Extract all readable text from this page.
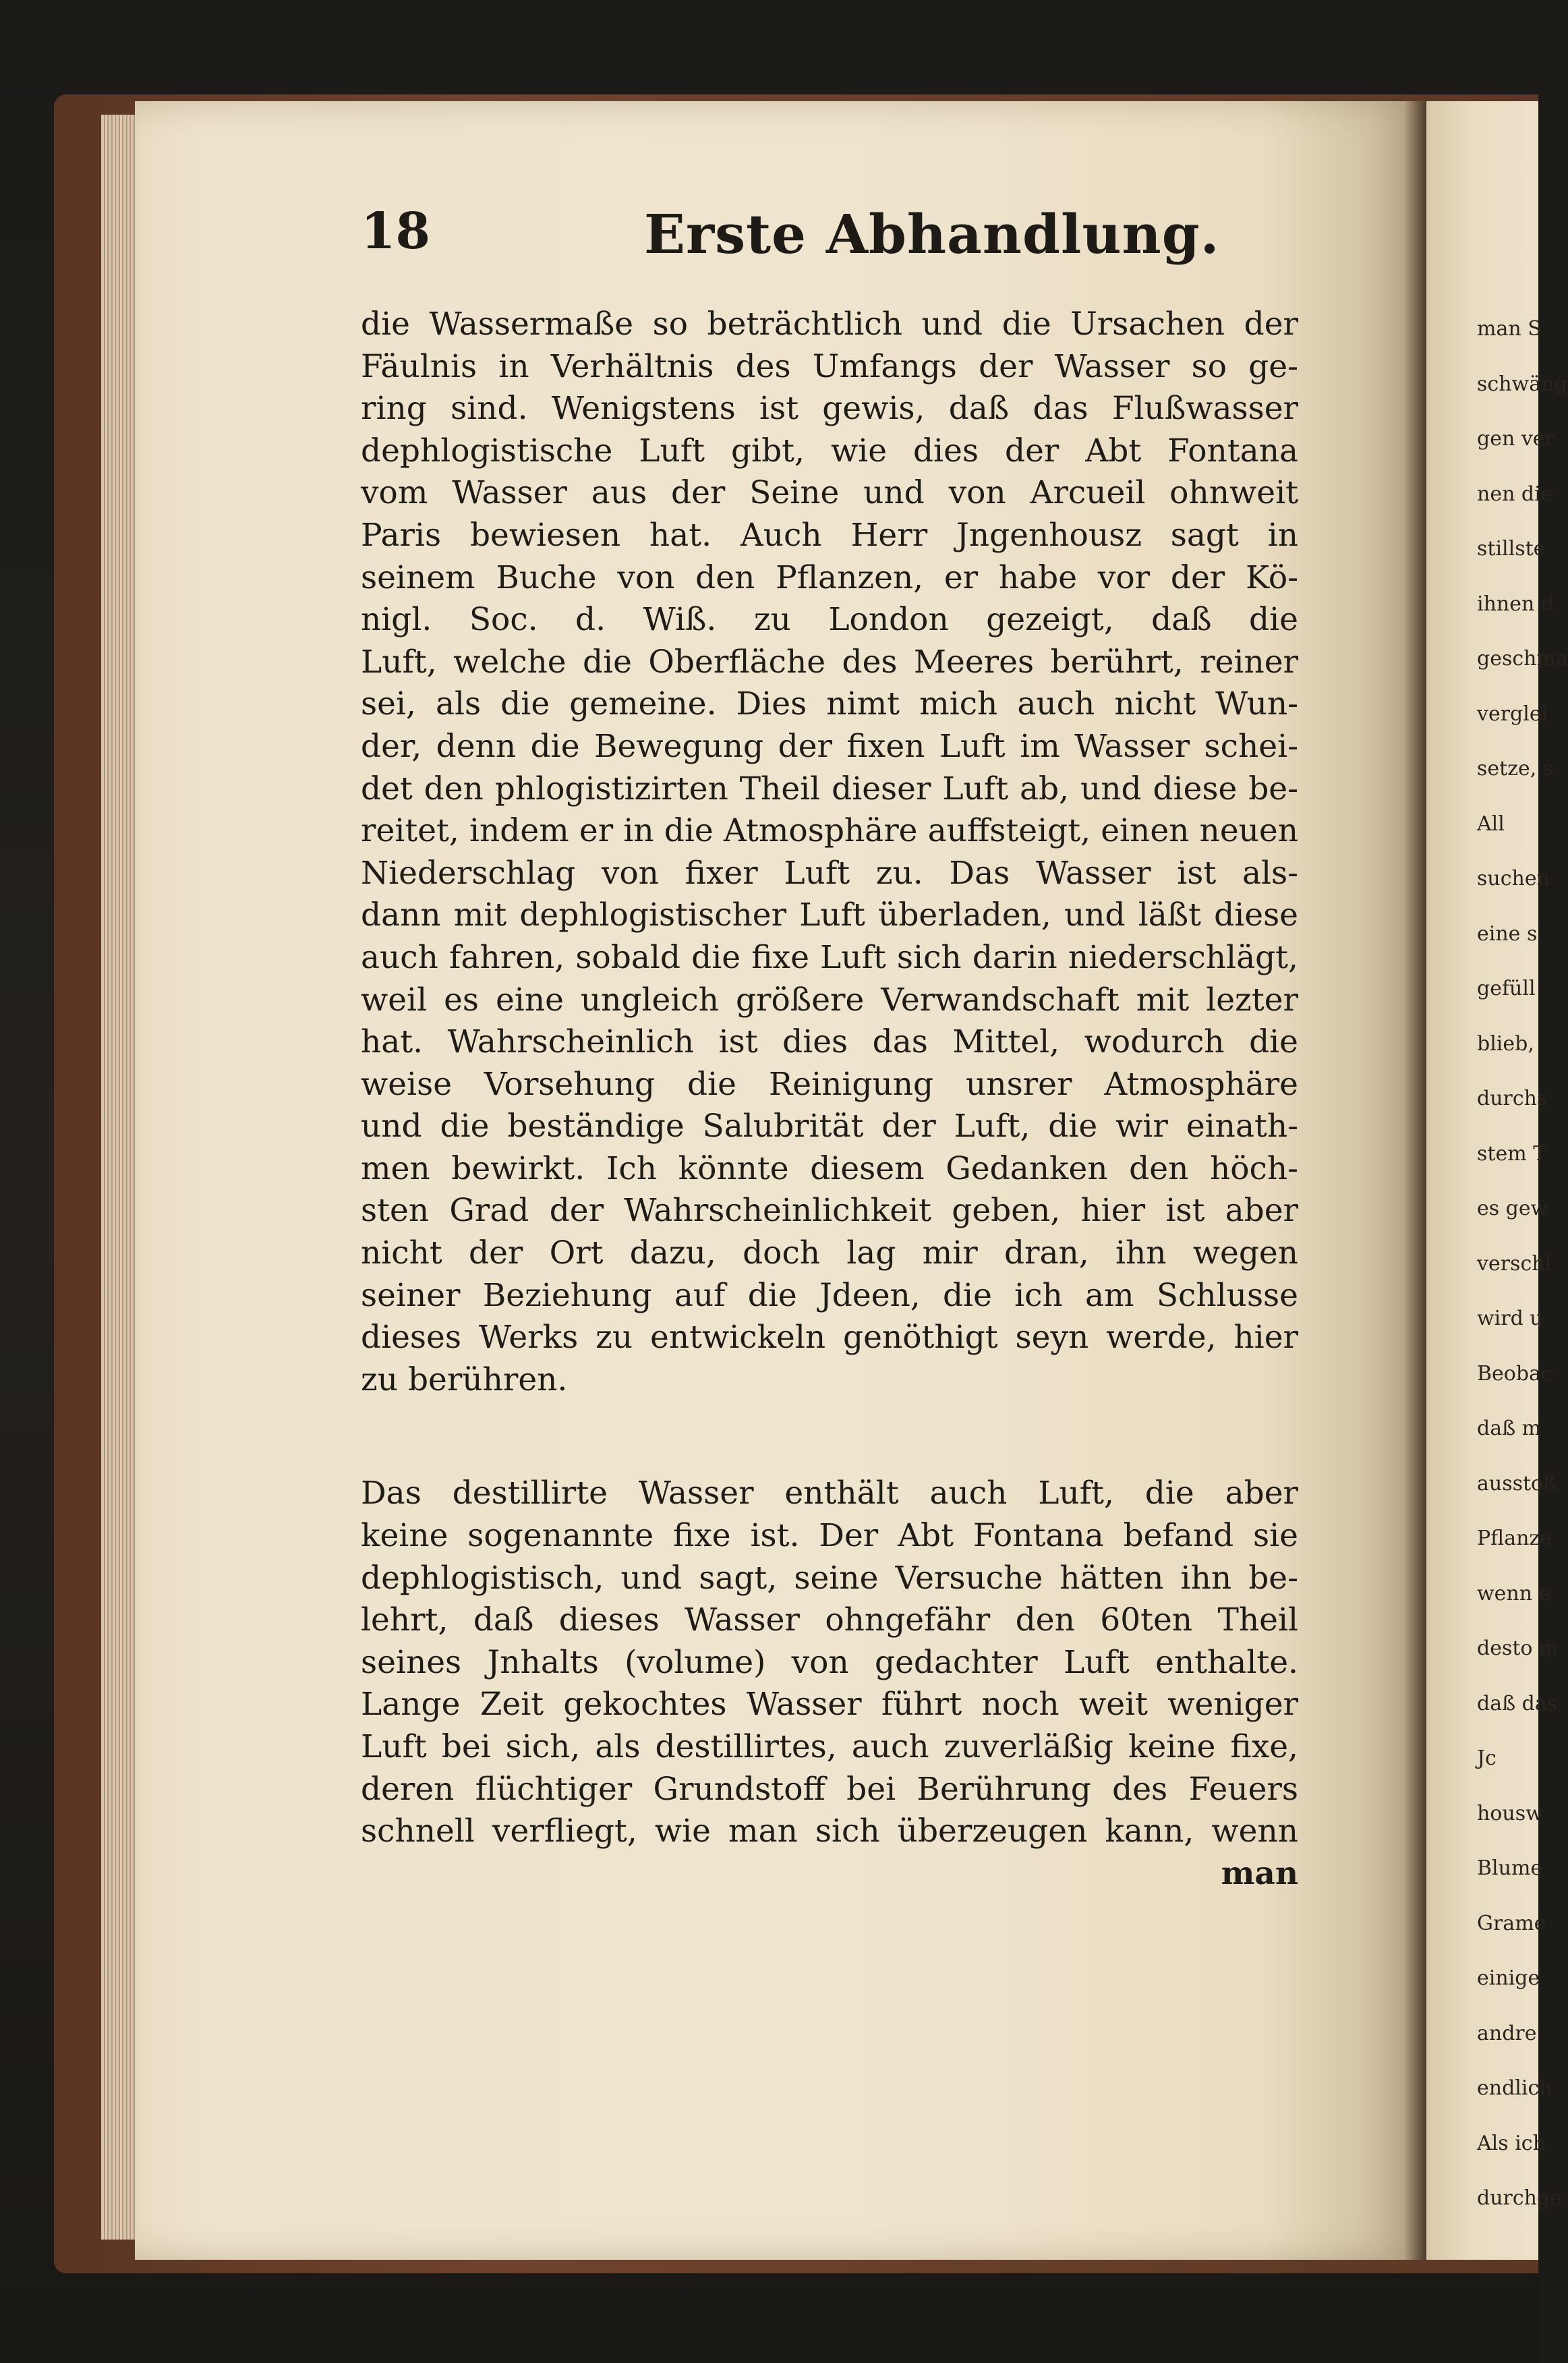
18	Erste Abhandlung.
die Wassermaße so beträchtlich und die Ursachen der
Fäulnis in Verhältnis des Umfangs der Wasser so ge-
ring sind. Wenigstens ist gewis, daß das Flußwasser
dephlogistische Luft gibt, wie dies der Abt Fontana
vom Wasser aus der Seine und von Arcueil ohnweit
Paris bewiesen hat. Auch Herr Jngenhousz sagt in
seinem Buche von den Pflanzen, er habe vor der Kö-
nigl. Soc. d. Wiß. zu London gezeigt, daß die
Luft, welche die Oberfläche des Meeres berührt, reiner
sei, als die gemeine. Dies nimt mich auch nicht Wun-
der, denn die Bewegung der fixen Luft im Wasser schei-
det den phlogistizirten Theil dieser Luft ab, und diese be-
reitet, indem er in die Atmosphäre auffsteigt, einen neuen
Niederschlag von fixer Luft zu. Das Wasser ist als-
dann mit dephlogistischer Luft überladen, und läßt diese
auch fahren, sobald die fixe Luft sich darin niederschlägt,
weil es eine ungleich größere Verwandschaft mit lezter
hat. Wahrscheinlich ist dies das Mittel, wodurch die
weise Vorsehung die Reinigung unsrer Atmosphäre
und die beständige Salubrität der Luft, die wir einath-
men bewirkt. Ich könnte diesem Gedanken den höch-
sten Grad der Wahrscheinlichkeit geben, hier ist aber
nicht der Ort dazu, doch lag mir dran, ihn wegen
seiner Beziehung auf die Jdeen, die ich am Schlusse
dieses Werks zu entwickeln genöthigt seyn werde, hier
zu berühren.
Das destillirte Wasser enthält auch Luft, die aber
keine sogenannte fixe ist. Der Abt Fontana befand sie
dephlogistisch, und sagt, seine Versuche hätten ihn be-
lehrt, daß dieses Wasser ohngefähr den 60ten Theil
seines Jnhalts (volume) von gedachter Luft enthalte.
Lange Zeit gekochtes Wasser führt noch weit weniger
Luft bei sich, als destillirtes, auch zuverläßig keine fixe,
deren flüchtiger Grundstoff bei Berührung des Feuers
schnell verfliegt, wie man sich überzeugen kann, wenn
man
man S
schwäng
gen ver
nen die
stillste
ihnen d
geschma
verglei
setze, s
All
suchen
eine s
gefüll
blieb,
durchs
stem T
es gew
verschl
wird u
Beobac
daß m
ausstoß
Pflanze
wenn e
desto m
daß das
Jc
housw
Blume
Grame
einige
andre
endlich
Als ich
durchge
